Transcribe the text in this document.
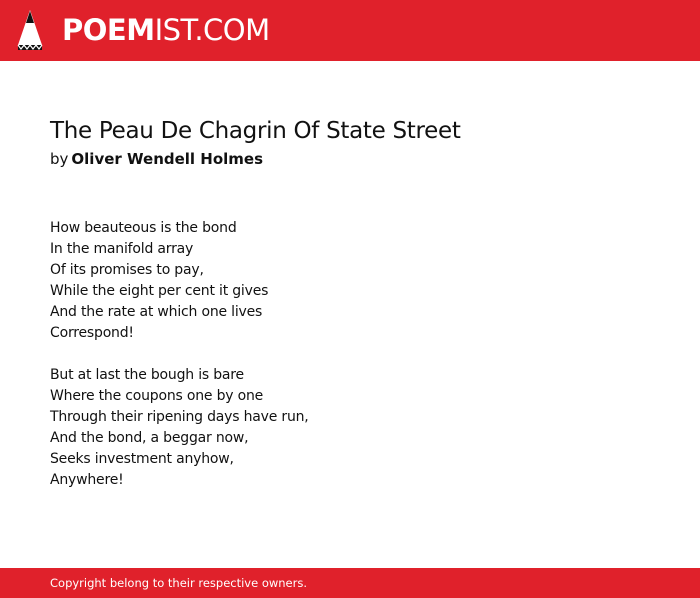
POEMIST.COM
The Peau De Chagrin Of State Street
by Oliver Wendell Holmes
How beauteous is the bond
In the manifold array
Of its promises to pay,
While the eight per cent it gives
And the rate at which one lives
Correspond!
But at last the bough is bare
Where the coupons one by one
Through their ripening days have run,
And the bond, a beggar now,
Seeks investment anyhow,
Anywhere!
Copyright belong to their respective owners.
